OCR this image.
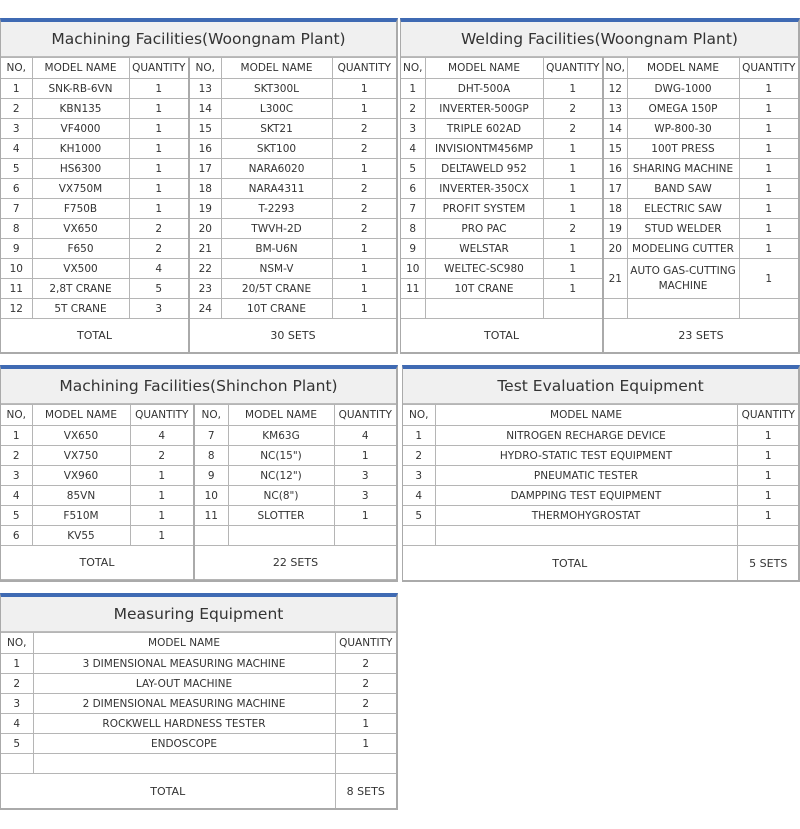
Machining Facilities(Woongnam Plant)
NO,	MODEL NAME	QUANTITY	NO,	MODEL NAME	QUANTITY
1	SNK-RB-6VN	1	13	SKT300L	1
2	KBN135	1	14	L300C	1
3	VF4000	1	15	SKT21	2
4	KH1000	1	16	SKT100	2
5	HS6300	1	17	NARA6020	1
6	VX750M	1	18	NARA4311	2
7	F750B	1	19	T-2293	2
8	VX650	2	20	TWVH-2D	2
9	F650	2	21	BM-U6N	1
10	VX500	4	22	NSM-V	1
11	2,8T CRANE	5	23	20/5T CRANE	1
12	5T CRANE	3	24	10T CRANE	1
TOTAL			30 SETS		
Welding Facilities(Woongnam Plant)
NO,	MODEL NAME	QUANTITY	NO,	MODEL NAME	QUANTITY
1	DHT-500A	1	12	DWG-1000	1
2	INVERTER-500GP	2	13	OMEGA 150P	1
3	TRIPLE 602AD	2	14	WP-800-30	1
4	INVISIONTM456MP	1	15	100T PRESS	1
5	DELTAWELD 952	1	16	SHARING MACHINE	1
6	INVERTER-350CX	1	17	BAND SAW	1
7	PROFIT SYSTEM	1	18	ELECTRIC SAW	1
8	PRO PAC	2	19	STUD WELDER	1
9	WELSTAR	1	20	MODELING CUTTER	1
10	WELTEC-SC980	1	21	AUTO GAS-CUTTING MACHINE	1
11	10T CRANE	1			

TOTAL			23 SETS		
Machining Facilities(Shinchon Plant)
NO,	MODEL NAME	QUANTITY	NO,	MODEL NAME	QUANTITY
1	VX650	4	7	KM63G	4
2	VX750	2	8	NC(15")	1
3	VX960	1	9	NC(12")	3
4	85VN	1	10	NC(8")	3
5	F510M	1	11	SLOTTER	1
6	KV55	1			
TOTAL			22 SETS		
Test Evaluation Equipment
NO,	MODEL NAME	QUANTITY
1	NITROGEN RECHARGE DEVICE	1
2	HYDRO-STATIC TEST EQUIPMENT	1
3	PNEUMATIC TESTER	1
4	DAMPPING TEST EQUIPMENT	1
5	THERMOHYGROSTAT	1

TOTAL		5 SETS
Measuring Equipment
NO,	MODEL NAME	QUANTITY
1	3 DIMENSIONAL MEASURING MACHINE	2
2	LAY-OUT MACHINE	2
3	2 DIMENSIONAL MEASURING MACHINE	2
4	ROCKWELL HARDNESS TESTER	1
5	ENDOSCOPE	1

TOTAL		8 SETS
